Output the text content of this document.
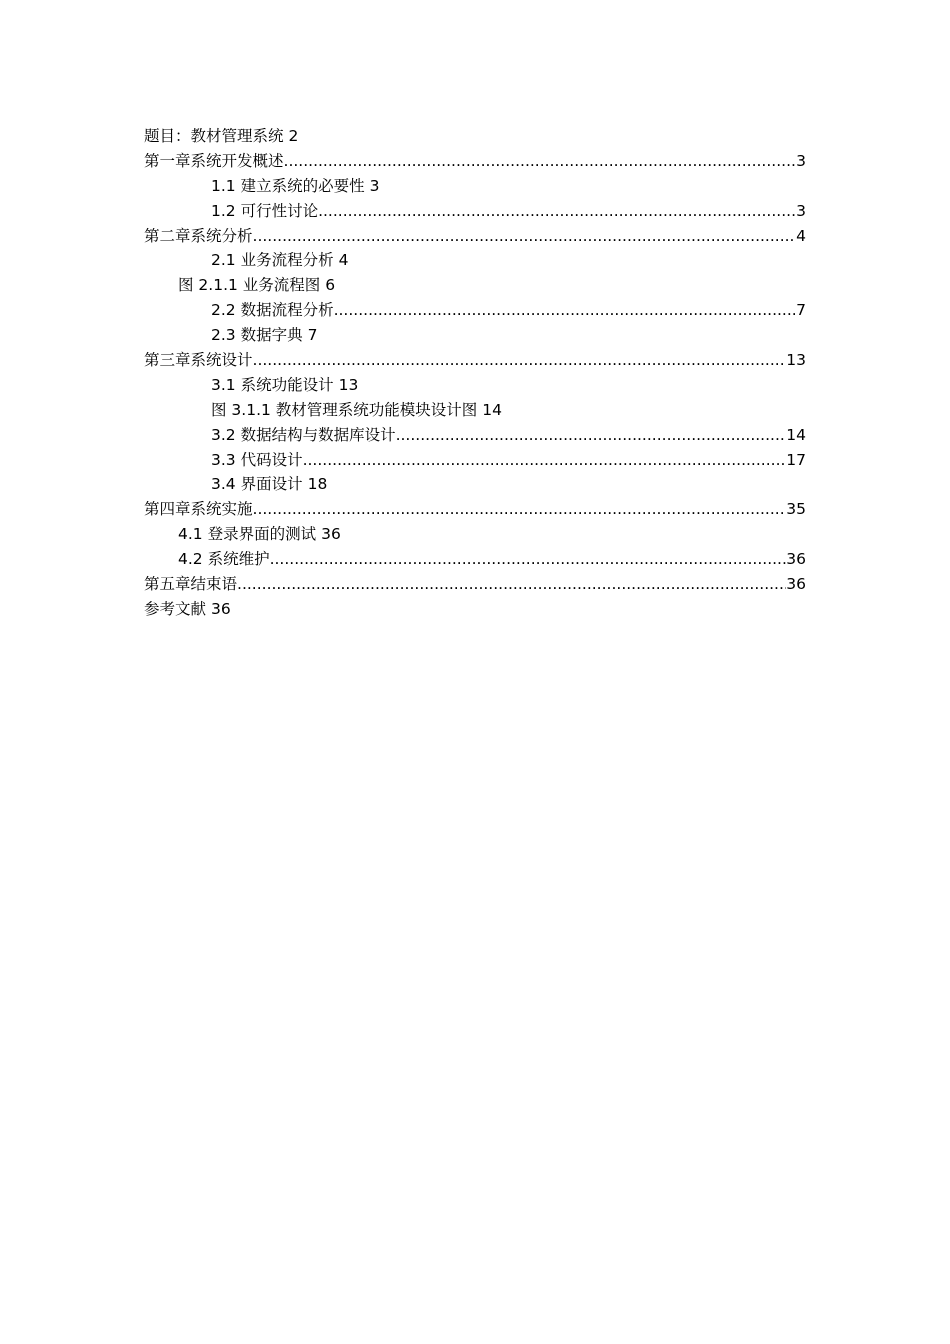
题目：教材管理系统 2
第一章系统开发概述 .....	3
1.1 建立系统的必要性 3
1.2 可行性讨论 .....	3
第二章系统分析 .....	4
2.1 业务流程分析 4
图 2.1.1 业务流程图 6
2.2 数据流程分析 .....	7
2.3 数据字典 7
第三章系统设计 .....	13
3.1 系统功能设计 13
图 3.1.1 教材管理系统功能模块设计图 14
3.2 数据结构与数据库设计 .....	14
3.3 代码设计 .....	17
3.4 界面设计 18
第四章系统实施 .....	35
4.1 登录界面的测试 36
4.2 系统维护 .....	36
第五章结束语 .....	36
参考文献 36
